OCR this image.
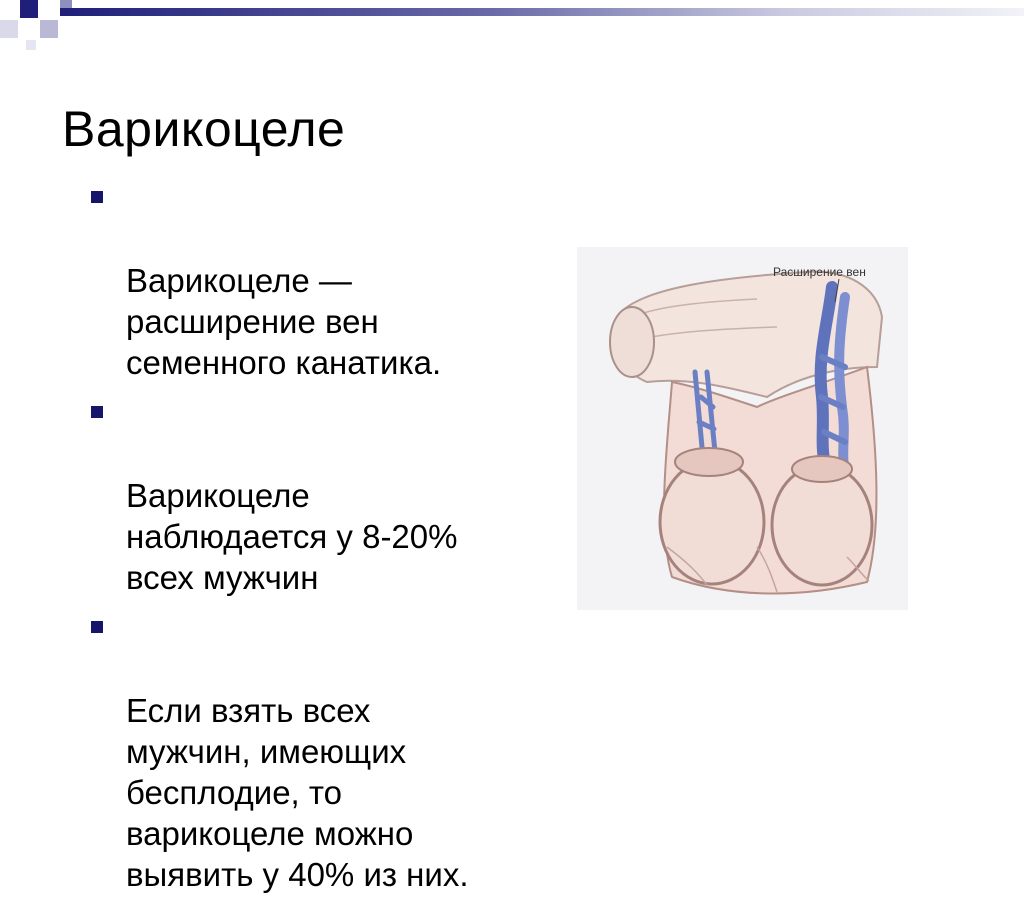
Варикоцеле

Варикоцеле —
расширение вен
семенного канатика.

Варикоцеле
наблюдается у 8-20%
всех мужчин

Если взять всех
мужчин, имеющих
бесплодие, то
варикоцеле можно
выявить у 40% из них.

Расширение вен
